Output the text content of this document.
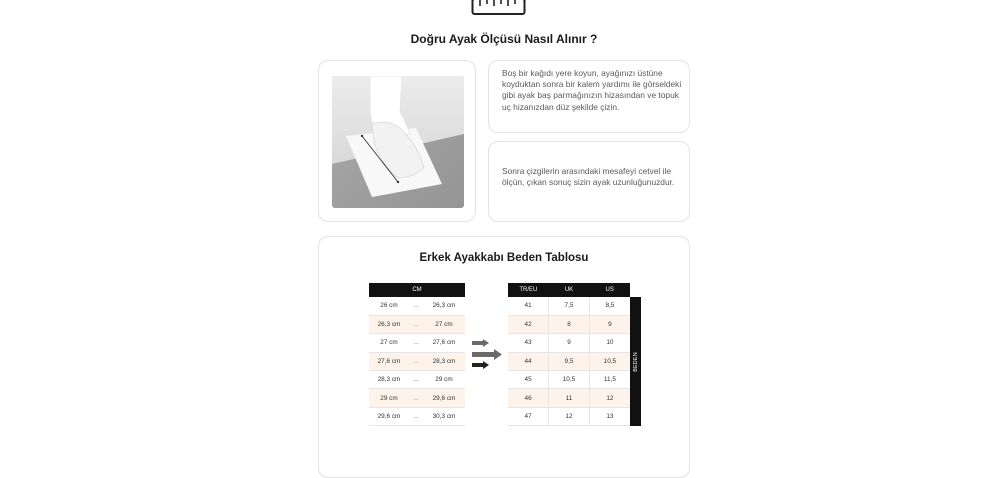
Doğru Ayak Ölçüsü Nasıl Alınır ?
Boş bir kağıdı yere koyun, ayağınızı üstüne koyduktan sonra bir kalem yardımı ile görseldeki gibi ayak baş parmağınızın hizasından ve topuk uç hizanızdan düz şekilde çizin.
Sonra çizgilerin arasındaki mesafeyi cetvel ile ölçün, çıkan sonuç sizin ayak uzunluğunuzdur.
Erkek Ayakkabı Beden Tablosu
CM		
26 cm	...	26,3 cm
26,3 cm	...	27 cm
27 cm	...	27,6 cm
27,6 cm	...	28,3 cm
28,3 cm	...	29 cm
29 cm	...	29,6 cm
29,6 cm	...	30,3 cm
TR/EU	UK	US
41	7,5	8,5
42	8	9
43	9	10
44	9,5	10,5
45	10,5	11,5
46	11	12
47	12	13
BEDEN
